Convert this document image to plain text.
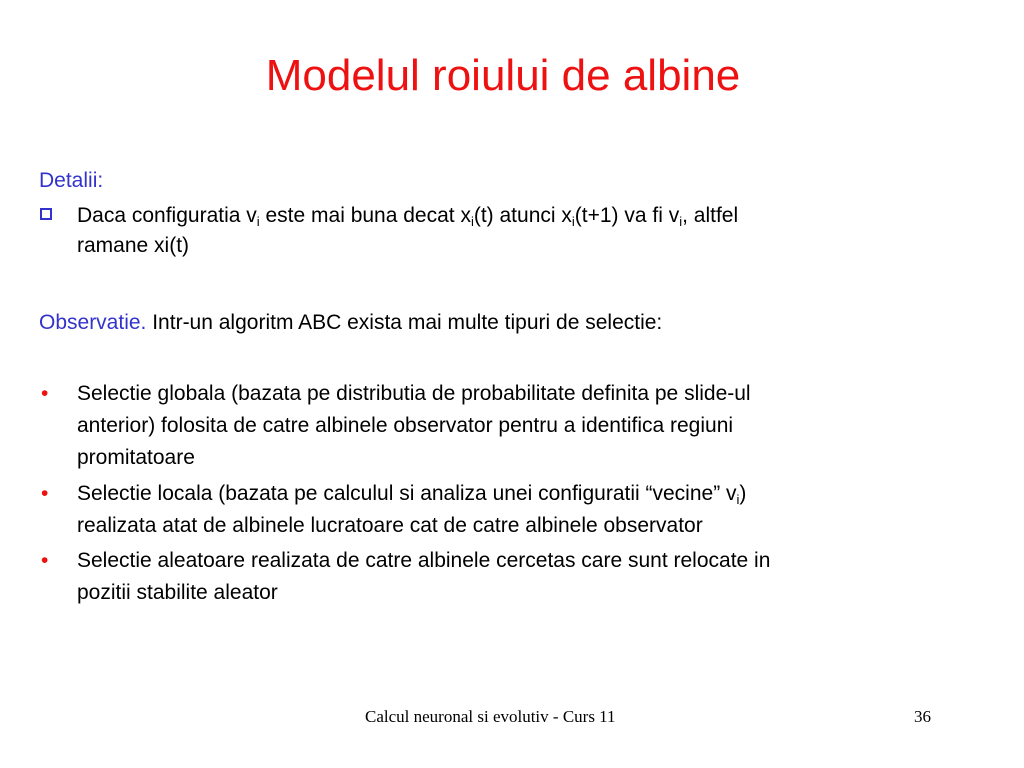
Modelul roiului de albine
Detalii:
Daca configuratia $v_i$ este mai buna decat $x_i(t)$ atunci $x_i(t+1)$ va fi $v_i$, altfel
ramane xi(t)
Observatie. Intr-un algoritm ABC exista mai multe tipuri de selectie:
• Selectie globala (bazata pe distributia de probabilitate definita pe slide-ul
anterior) folosita de catre albinele observator pentru a identifica regiuni
promitatoare
• Selectie locala (bazata pe calculul si analiza unei configuratii “vecine” $v_i$)
realizata atat de albinele lucratoare cat de catre albinele observator
• Selectie aleatoare realizata de catre albinele cercetas care sunt relocate in
pozitii stabilite aleator
Calcul neuronal si evolutiv - Curs 11	36
